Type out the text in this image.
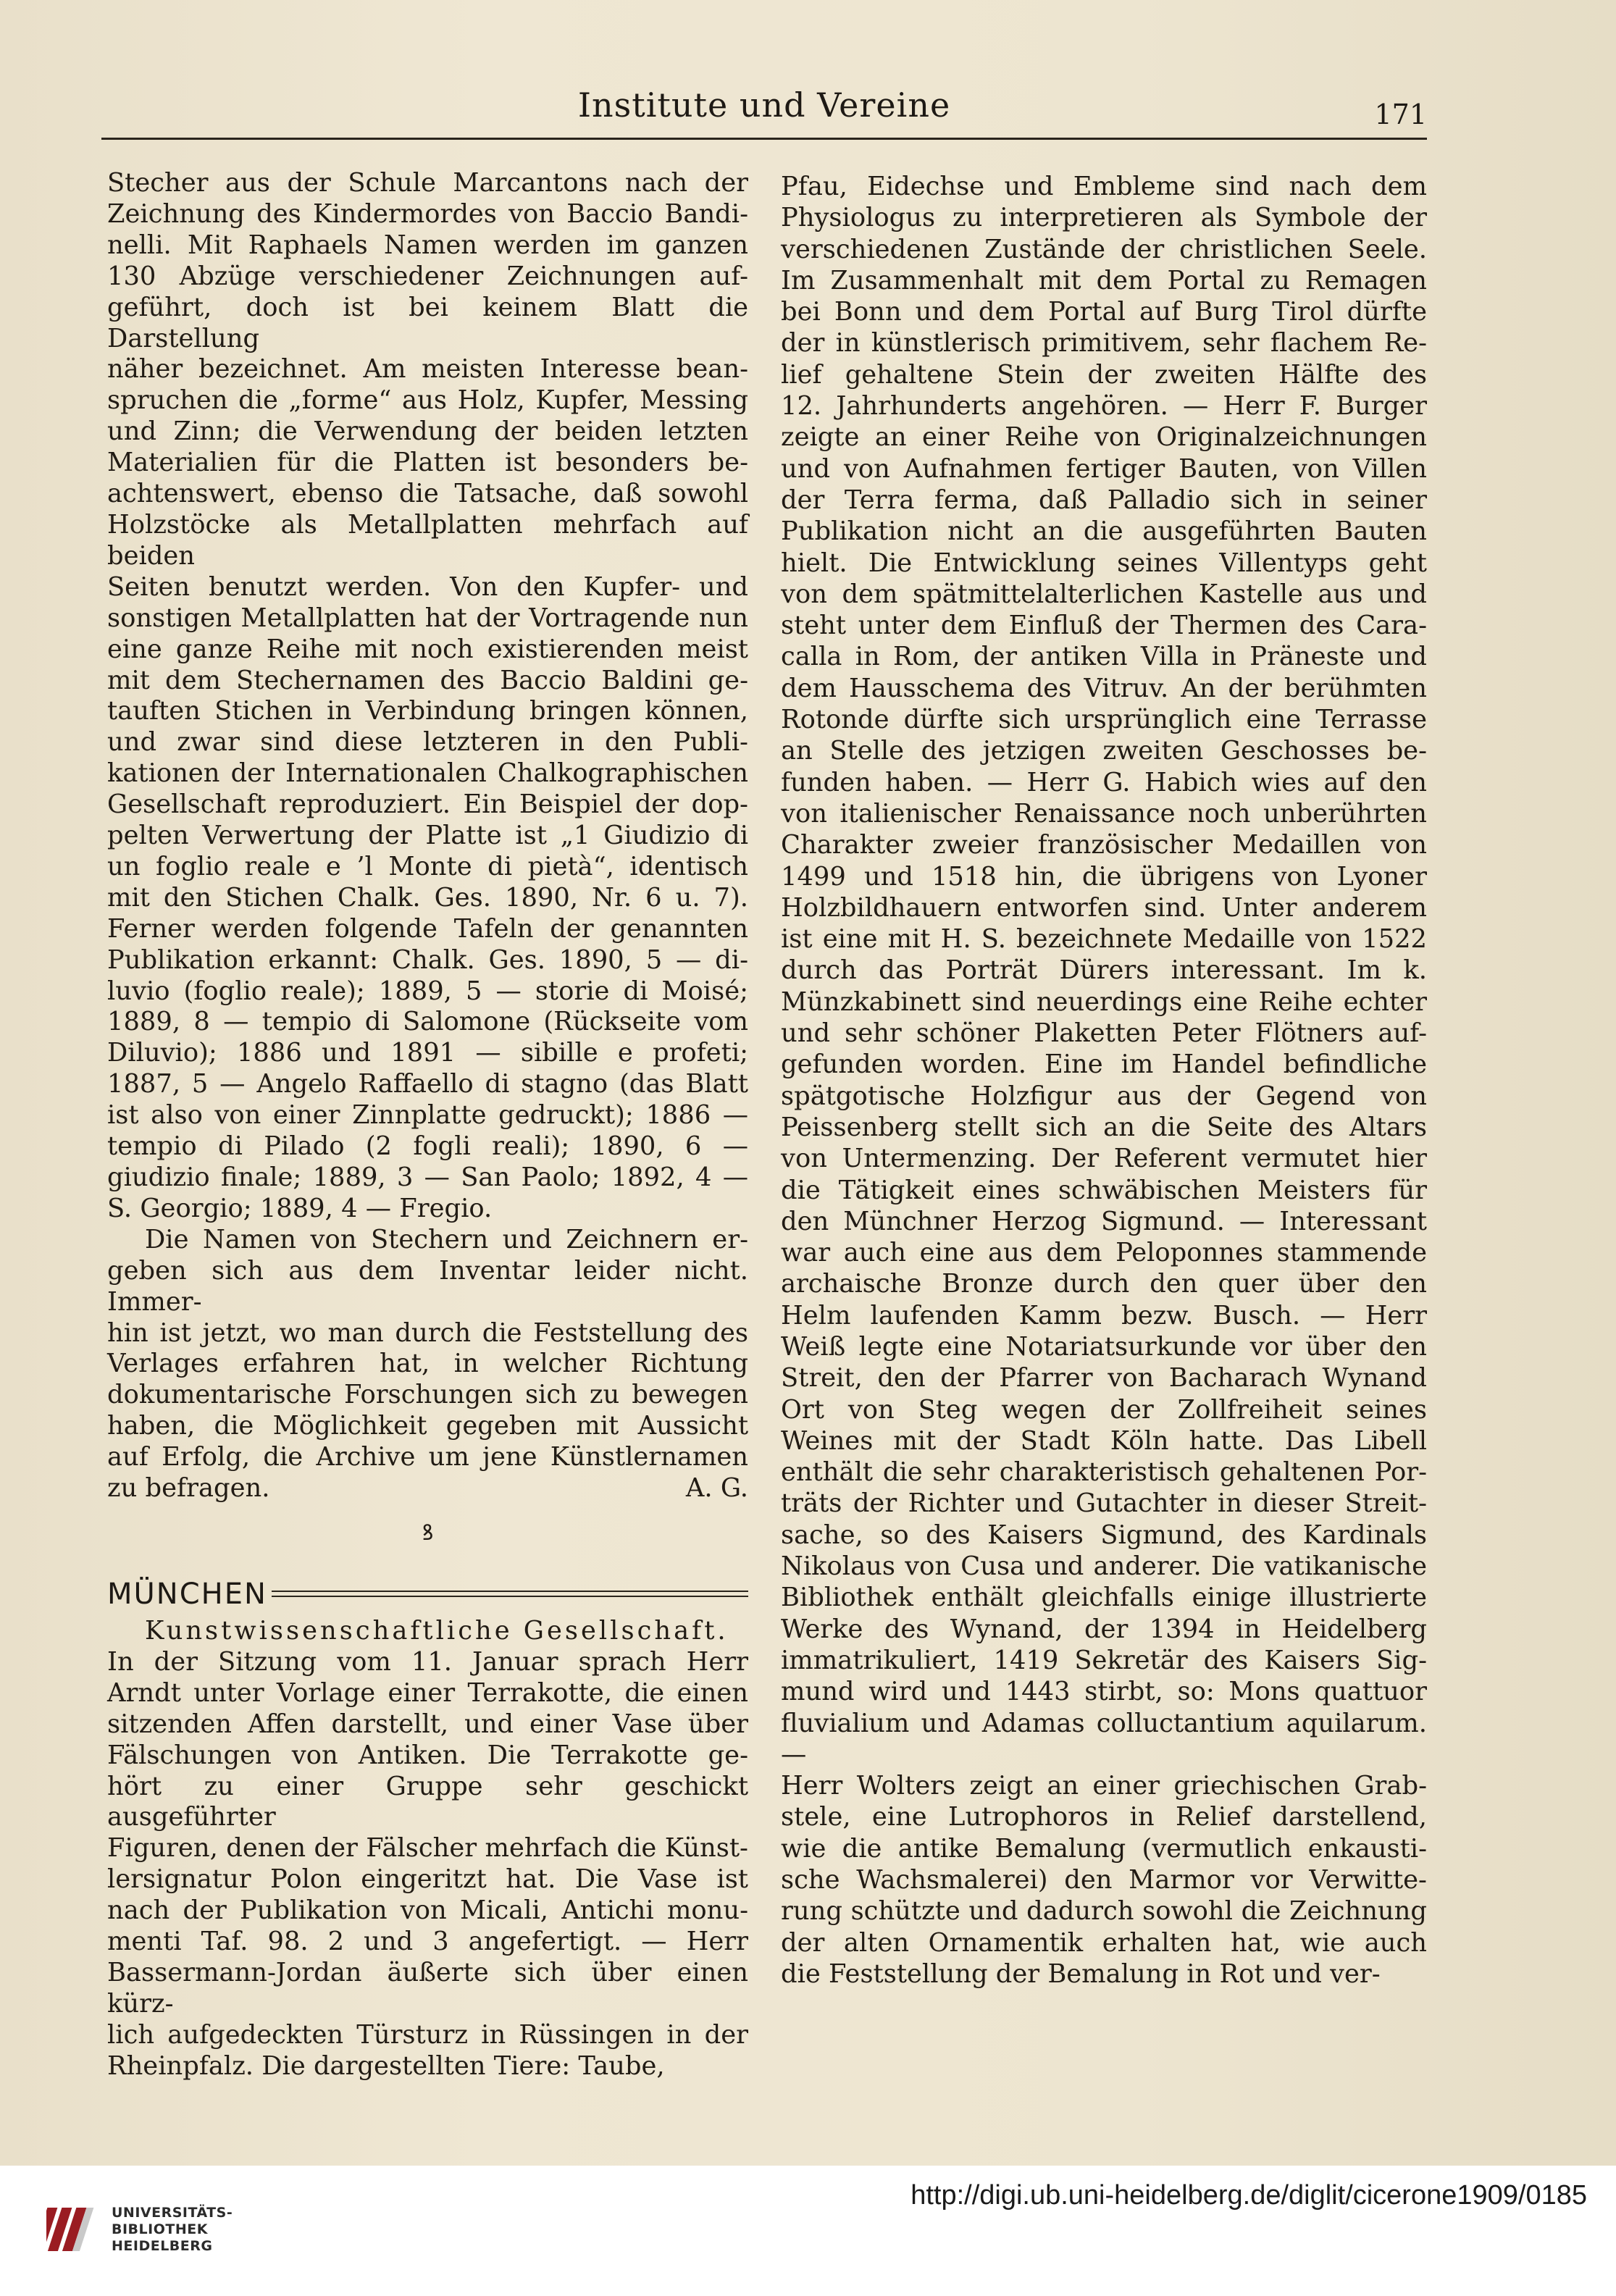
Institute und Vereine	171
Stecher aus der Schule Marcantons nach der
Zeichnung des Kindermordes von Baccio Bandi-
nelli. Mit Raphaels Namen werden im ganzen
130 Abzüge verschiedener Zeichnungen auf-
geführt, doch ist bei keinem Blatt die Darstellung
näher bezeichnet. Am meisten Interesse bean-
spruchen die „forme“ aus Holz, Kupfer, Messing
und Zinn; die Verwendung der beiden letzten
Materialien für die Platten ist besonders be-
achtenswert, ebenso die Tatsache, daß sowohl
Holzstöcke als Metallplatten mehrfach auf beiden
Seiten benutzt werden. Von den Kupfer- und
sonstigen Metallplatten hat der Vortragende nun
eine ganze Reihe mit noch existierenden meist
mit dem Stechernamen des Baccio Baldini ge-
tauften Stichen in Verbindung bringen können,
und zwar sind diese letzteren in den Publi-
kationen der Internationalen Chalkographischen
Gesellschaft reproduziert. Ein Beispiel der dop-
pelten Verwertung der Platte ist „1 Giudizio di
un foglio reale e ’l Monte di pietà“, identisch
mit den Stichen Chalk. Ges. 1890, Nr. 6 u. 7).
Ferner werden folgende Tafeln der genannten
Publikation erkannt: Chalk. Ges. 1890, 5 — di-
luvio (foglio reale); 1889, 5 — storie di Moisé;
1889, 8 — tempio di Salomone (Rückseite vom
Diluvio); 1886 und 1891 — sibille e profeti;
1887, 5 — Angelo Raffaello di stagno (das Blatt
ist also von einer Zinnplatte gedruckt); 1886 —
tempio di Pilado (2 fogli reali); 1890, 6 —
giudizio finale; 1889, 3 — San Paolo; 1892, 4 —
S. Georgio; 1889, 4 — Fregio.
Die Namen von Stechern und Zeichnern er-
geben sich aus dem Inventar leider nicht. Immer-
hin ist jetzt, wo man durch die Feststellung des
Verlages erfahren hat, in welcher Richtung
dokumentarische Forschungen sich zu bewegen
haben, die Möglichkeit gegeben mit Aussicht
auf Erfolg, die Archive um jene Künstlernamen
zu befragen.	A. G.
ꝸ
MÜNCHEN
Kunstwissenschaftliche Gesellschaft.
In der Sitzung vom 11. Januar sprach Herr
Arndt unter Vorlage einer Terrakotte, die einen
sitzenden Affen darstellt, und einer Vase über
Fälschungen von Antiken. Die Terrakotte ge-
hört zu einer Gruppe sehr geschickt ausgeführter
Figuren, denen der Fälscher mehrfach die Künst-
lersignatur Polon eingeritzt hat. Die Vase ist
nach der Publikation von Micali, Antichi monu-
menti Taf. 98. 2 und 3 angefertigt. — Herr
Bassermann-Jordan äußerte sich über einen kürz-
lich aufgedeckten Türsturz in Rüssingen in der
Rheinpfalz. Die dargestellten Tiere: Taube,
Pfau, Eidechse und Embleme sind nach dem
Physiologus zu interpretieren als Symbole der
verschiedenen Zustände der christlichen Seele.
Im Zusammenhalt mit dem Portal zu Remagen
bei Bonn und dem Portal auf Burg Tirol dürfte
der in künstlerisch primitivem, sehr flachem Re-
lief gehaltene Stein der zweiten Hälfte des
12. Jahrhunderts angehören. — Herr F. Burger
zeigte an einer Reihe von Originalzeichnungen
und von Aufnahmen fertiger Bauten, von Villen
der Terra ferma, daß Palladio sich in seiner
Publikation nicht an die ausgeführten Bauten
hielt. Die Entwicklung seines Villentyps geht
von dem spätmittelalterlichen Kastelle aus und
steht unter dem Einfluß der Thermen des Cara-
calla in Rom, der antiken Villa in Präneste und
dem Hausschema des Vitruv. An der berühmten
Rotonde dürfte sich ursprünglich eine Terrasse
an Stelle des jetzigen zweiten Geschosses be-
funden haben. — Herr G. Habich wies auf den
von italienischer Renaissance noch unberührten
Charakter zweier französischer Medaillen von
1499 und 1518 hin, die übrigens von Lyoner
Holzbildhauern entworfen sind. Unter anderem
ist eine mit H. S. bezeichnete Medaille von 1522
durch das Porträt Dürers interessant. Im k.
Münzkabinett sind neuerdings eine Reihe echter
und sehr schöner Plaketten Peter Flötners auf-
gefunden worden. Eine im Handel befindliche
spätgotische Holzfigur aus der Gegend von
Peissenberg stellt sich an die Seite des Altars
von Untermenzing. Der Referent vermutet hier
die Tätigkeit eines schwäbischen Meisters für
den Münchner Herzog Sigmund. — Interessant
war auch eine aus dem Peloponnes stammende
archaische Bronze durch den quer über den
Helm laufenden Kamm bezw. Busch. — Herr
Weiß legte eine Notariatsurkunde vor über den
Streit, den der Pfarrer von Bacharach Wynand
Ort von Steg wegen der Zollfreiheit seines
Weines mit der Stadt Köln hatte. Das Libell
enthält die sehr charakteristisch gehaltenen Por-
träts der Richter und Gutachter in dieser Streit-
sache, so des Kaisers Sigmund, des Kardinals
Nikolaus von Cusa und anderer. Die vatikanische
Bibliothek enthält gleichfalls einige illustrierte
Werke des Wynand, der 1394 in Heidelberg
immatrikuliert, 1419 Sekretär des Kaisers Sig-
mund wird und 1443 stirbt, so: Mons quattuor
fluvialium und Adamas colluctantium aquilarum. —
Herr Wolters zeigt an einer griechischen Grab-
stele, eine Lutrophoros in Relief darstellend,
wie die antike Bemalung (vermutlich enkausti-
sche Wachsmalerei) den Marmor vor Verwitte-
rung schützte und dadurch sowohl die Zeichnung
der alten Ornamentik erhalten hat, wie auch
die Feststellung der Bemalung in Rot und ver-
UNIVERSITÄTS-
BIBLIOTHEK
HEIDELBERG
http://digi.ub.uni-heidelberg.de/diglit/cicerone1909/0185
